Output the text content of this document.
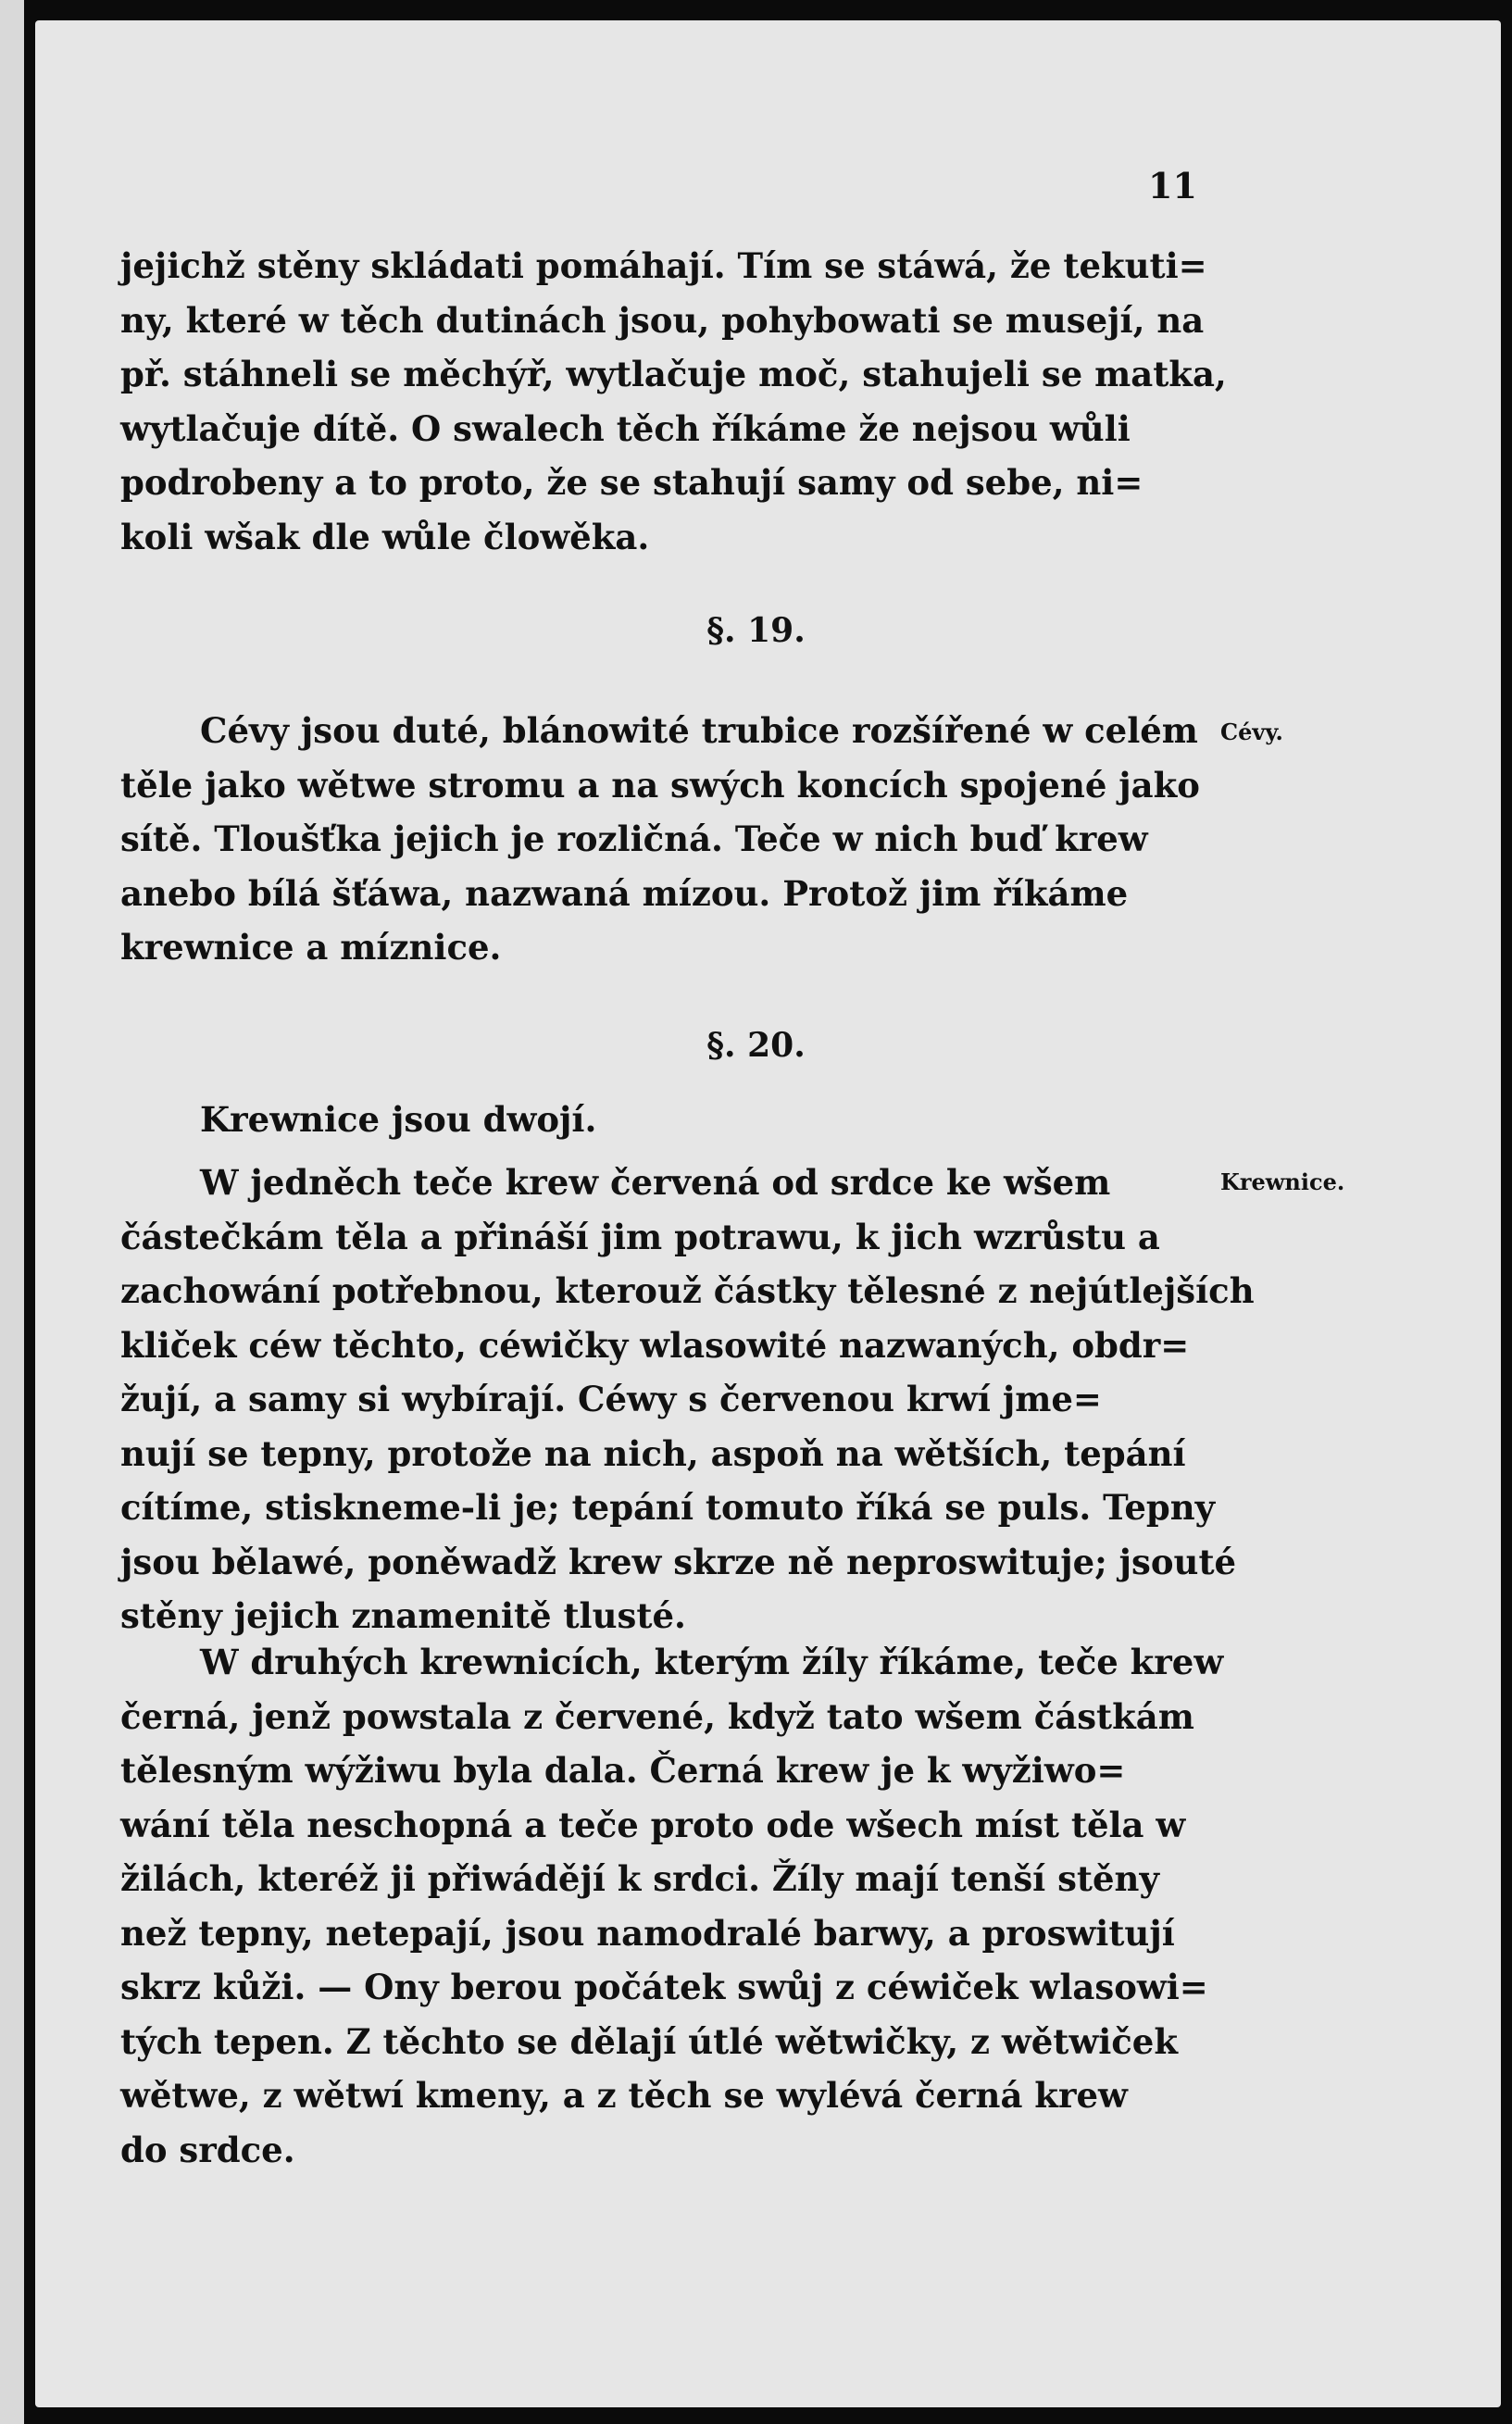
11
jejichž stěny skládati pomáhají. Tím se stáwá, že tekuti=
ny, které w těch dutinách jsou, pohybowati se musejí, na
př. stáhneli se měchýř, wytlačuje moč, stahujeli se matka,
wytlačuje dítě. O swalech těch říkáme že nejsou wůli
podrobeny a to proto, že se stahují samy od sebe, ni=
koli wšak dle wůle člowěka.
§. 19.
Cévy jsou duté, blánowité trubice rozšířené w celém
těle jako wětwe stromu a na swých koncích spojené jako
sítě. Tloušťka jejich je rozličná. Teče w nich buď krew
anebo bílá šťáwa, nazwaná mízou. Protož jim říkáme
krewnice a míznice.
Cévy.
§. 20.
Krewnice jsou dwojí.
W jedněch teče krew červená od srdce ke wšem
částečkám těla a přináší jim potrawu, k jich wzrůstu a
zachowání potřebnou, kterouž částky tělesné z nejútlejších
kliček céw těchto, céwičky wlasowité nazwaných, obdr=
žují, a samy si wybírají. Céwy s červenou krwí jme=
nují se tepny, protože na nich, aspoň na wětších, tepání
cítíme, stiskneme-li je; tepání tomuto říká se puls. Tepny
jsou bělawé, poněwadž krew skrze ně neproswituje; jsouté
stěny jejich znamenitě tlusté.
Krewnice.
W druhých krewnicích, kterým žíly říkáme, teče krew
černá, jenž powstala z červené, když tato wšem částkám
tělesným wýžiwu byla dala. Černá krew je k wyžiwo=
wání těla neschopná a teče proto ode wšech míst těla w
žilách, kteréž ji přiwádějí k srdci. Žíly mají tenší stěny
než tepny, netepají, jsou namodralé barwy, a proswitují
skrz kůži. — Ony berou počátek swůj z céwiček wlasowi=
tých tepen. Z těchto se dělají útlé wětwičky, z wětwiček
wětwe, z wětwí kmeny, a z těch se wylévá černá krew
do srdce.
